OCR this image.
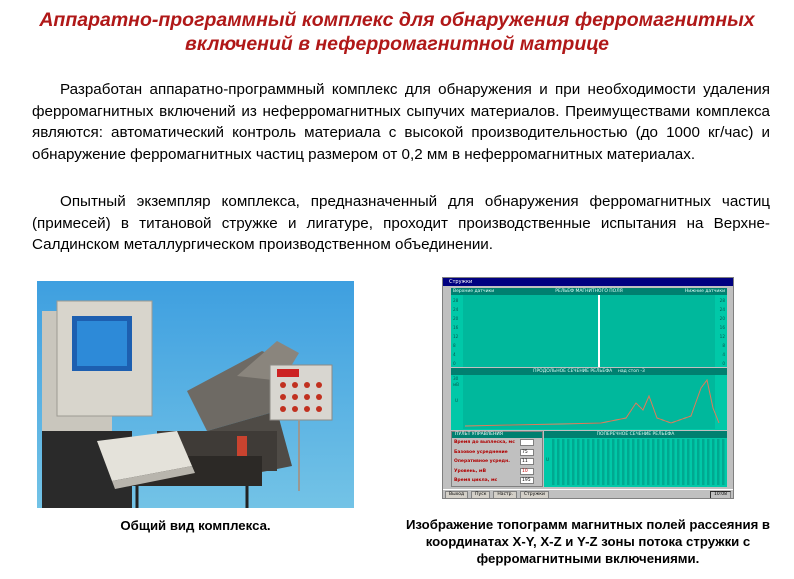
Аппаратно-программный комплекс для обнаружения ферромагнитных включений в неферромагнитной матрице

Разработан аппаратно-программный комплекс для обнаружения и при необходимости удаления ферромагнитных включений из неферромагнитных сыпучих материалов. Преимуществами комплекса являются: автоматический контроль материала с высокой производительностью (до 1000 кг/час) и обнаружение ферромагнитных частиц размером от 0,2 мм в неферромагнитных материалах.

Опытный экземпляр комплекса, предназначенный для обнаружения ферромагнитных частиц (примесей) в титановой стружке и лигатуре, проходит производственные испытания на Верхне-Салдинском металлургическом производственном объединении.

Общий вид комплекса.
Стружки
РЕЛЬЕФ МАГНИТНОГО ПОЛЯ
Верхние датчики	Нижние датчики
28
24
20
16
12
8
4
0
28
24
20
16
12
8
4
0
ПРОДОЛЬНОЕ СЕЧЕНИЕ РЕЛЬЕФА над стоп -3
30
мВ
U
ПУЛЬТ УПРАВЛЕНИЯ
Время до выплеска, мс
Базовое усреднение	75
Оперативное усредн.	11
Уровень, мВ	10
Время цикла, мс	195
ПОПЕРЕЧНОЕ СЕЧЕНИЕ РЕЛЬЕФА
U
Выход	Пуск	Настр.	Стружки	10:08
Изображение топограмм магнитных полей рассеяния в координатах X-Y, X-Z и Y-Z зоны потока стружки с ферромагнитными включениями.
